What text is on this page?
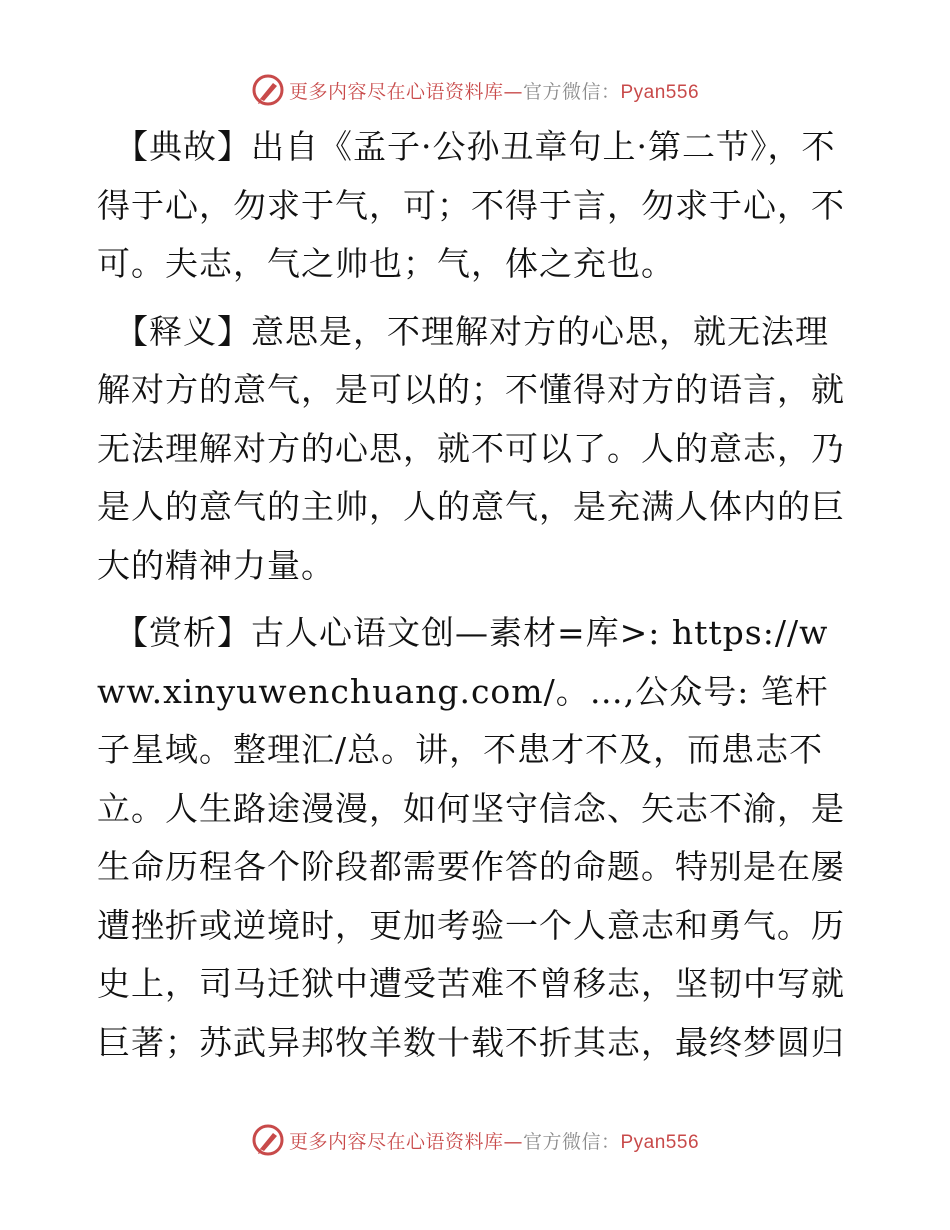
更多内容尽在心语资料库—官方微信：Pyan556

【典故】出自《孟子·公孙丑章句上·第二节》，不得于心，勿求于气，可；不得于言，勿求于心，不可。夫志，气之帅也；气，体之充也。

【释义】意思是，不理解对方的心思，就无法理解对方的意气，是可以的；不懂得对方的语言，就无法理解对方的心思，就不可以了。人的意志，乃是人的意气的主帅，人的意气，是充满人体内的巨大的精神力量。

【赏析】古人心语文创—素材=库>: https://www.xinyuwenchuang.com/。…,公众号: 笔杆子星域。整理汇/总。讲，不患才不及，而患志不立。人生路途漫漫，如何坚守信念、矢志不渝，是生命历程各个阶段都需要作答的命题。特别是在屡遭挫折或逆境时，更加考验一个人意志和勇气。历史上，司马迁狱中遭受苦难不曾移志，坚韧中写就巨著；苏武异邦牧羊数十载不折其志，最终梦圆归

更多内容尽在心语资料库—官方微信：Pyan556
